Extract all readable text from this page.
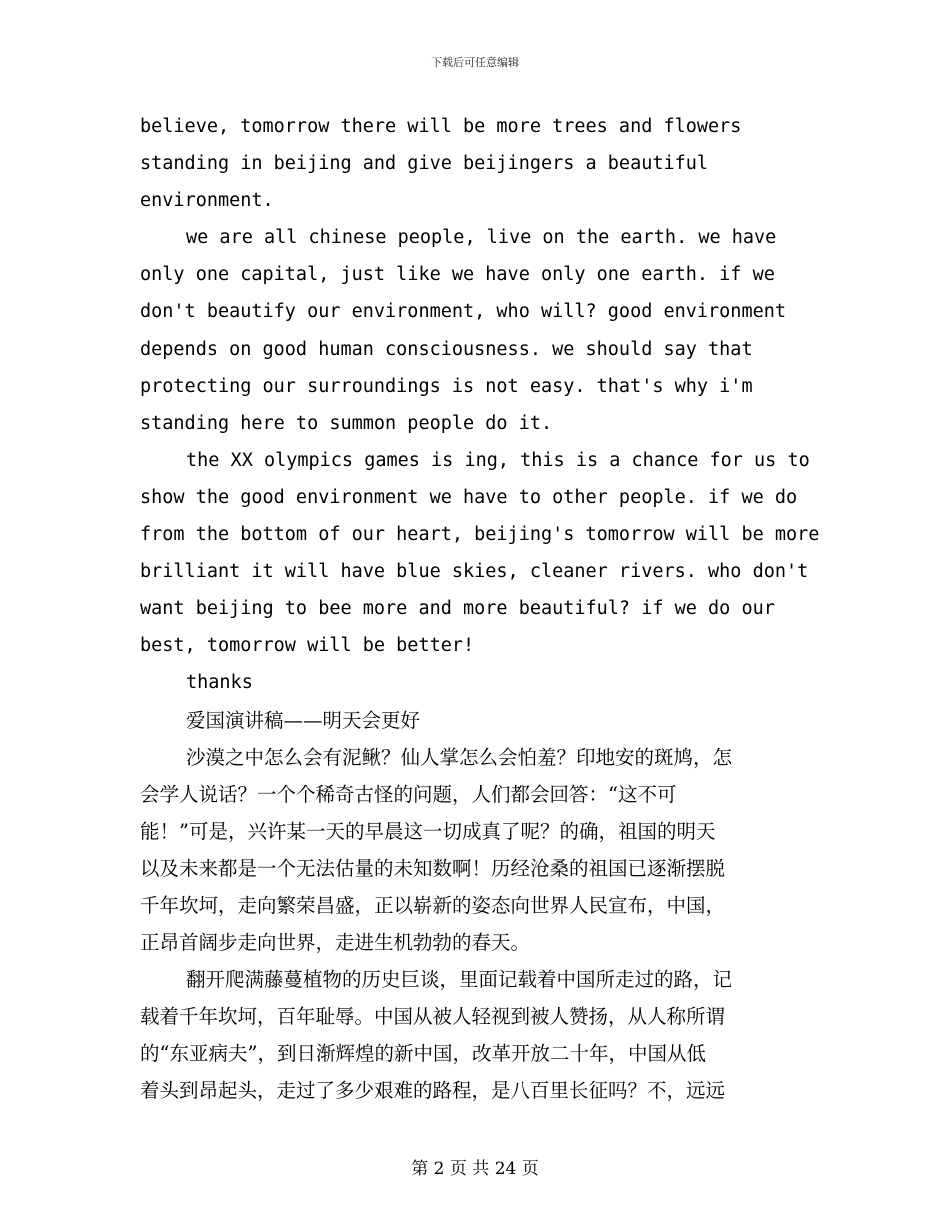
下载后可任意编辑

believe, tomorrow there will be more trees and flowers
standing in beijing and give beijingers a beautiful
environment.

we are all chinese people, live on the earth. we have
only one capital, just like we have only one earth. if we
don't beautify our environment, who will? good environment
depends on good human consciousness. we should say that
protecting our surroundings is not easy. that's why i'm
standing here to summon people do it.

the XX olympics games is ing, this is a chance for us to
show the good environment we have to other people. if we do
from the bottom of our heart, beijing's tomorrow will be more
brilliant it will have blue skies, cleaner rivers. who don't
want beijing to bee more and more beautiful? if we do our
best, tomorrow will be better!

thanks

爱国演讲稿——明天会更好

沙漠之中怎么会有泥鳅？仙人掌怎么会怕羞？印地安的斑鸠，怎
会学人说话？一个个稀奇古怪的问题，人们都会回答：“这不可
能！”可是，兴许某一天的早晨这一切成真了呢？的确，祖国的明天
以及未来都是一个无法估量的未知数啊！历经沧桑的祖国已逐渐摆脱
千年坎坷，走向繁荣昌盛，正以崭新的姿态向世界人民宣布，中国，
正昂首阔步走向世界，走进生机勃勃的春天。

翻开爬满藤蔓植物的历史巨谈，里面记载着中国所走过的路，记
载着千年坎坷，百年耻辱。中国从被人轻视到被人赞扬，从人称所谓
的“东亚病夫”，到日渐辉煌的新中国，改革开放二十年，中国从低
着头到昂起头，走过了多少艰难的路程，是八百里长征吗？不，远远

第 2 页 共 24 页
